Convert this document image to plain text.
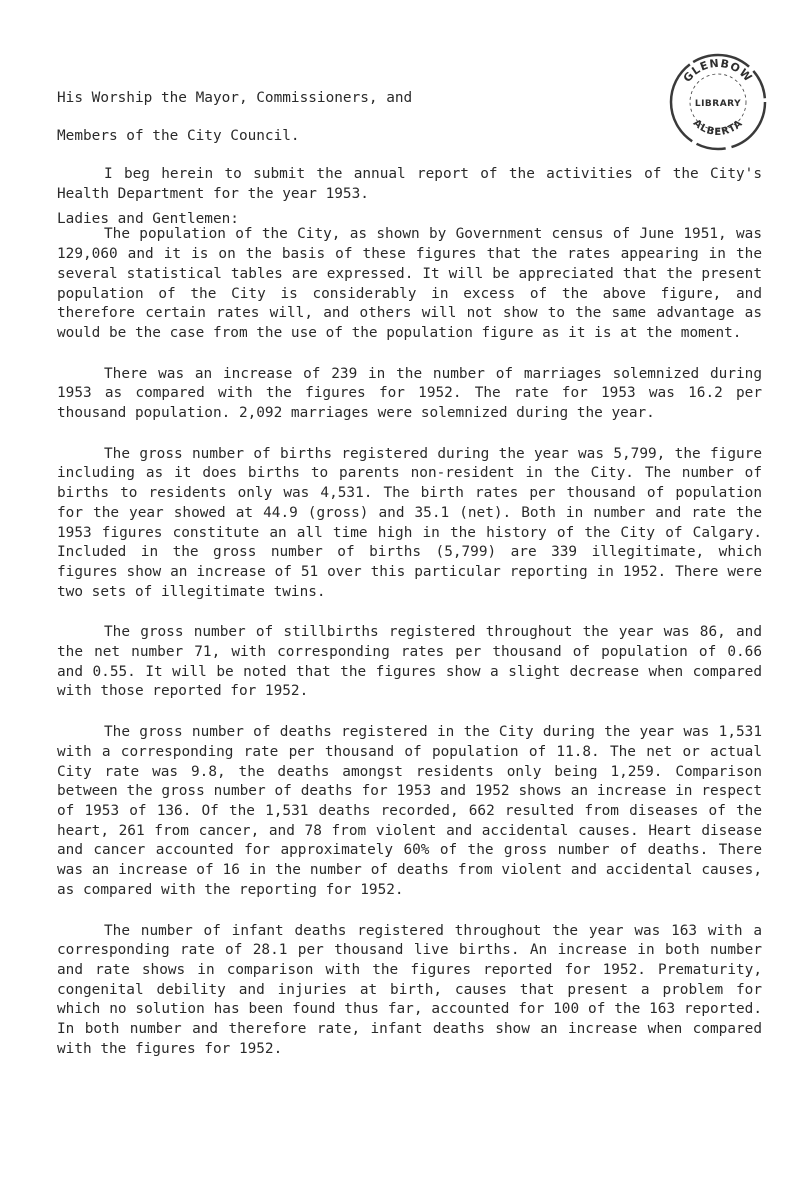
His Worship the Mayor, Commissioners, and

Members of the City Council.

Ladies and Gentlemen:

GLENBOW
LIBRARY
ALBERTA

I beg herein to submit the annual report of the activities of the City's Health Department for the year 1953.

The population of the City, as shown by Government census of June 1951, was 129,060 and it is on the basis of these figures that the rates appearing in the several statistical tables are expressed. It will be appreciated that the present population of the City is considerably in excess of the above figure, and therefore certain rates will, and others will not show to the same advantage as would be the case from the use of the population figure as it is at the moment.

There was an increase of 239 in the number of marriages solemnized during 1953 as compared with the figures for 1952. The rate for 1953 was 16.2 per thousand population. 2,092 marriages were solemnized during the year.

The gross number of births registered during the year was 5,799, the figure including as it does births to parents non-resident in the City. The number of births to residents only was 4,531. The birth rates per thousand of population for the year showed at 44.9 (gross) and 35.1 (net). Both in number and rate the 1953 figures constitute an all time high in the history of the City of Calgary. Included in the gross number of births (5,799) are 339 illegitimate, which figures show an increase of 51 over this particular reporting in 1952. There were two sets of illegitimate twins.

The gross number of stillbirths registered throughout the year was 86, and the net number 71, with corresponding rates per thousand of population of 0.66 and 0.55. It will be noted that the figures show a slight decrease when compared with those reported for 1952.

The gross number of deaths registered in the City during the year was 1,531 with a corresponding rate per thousand of population of 11.8. The net or actual City rate was 9.8, the deaths amongst residents only being 1,259. Comparison between the gross number of deaths for 1953 and 1952 shows an increase in respect of 1953 of 136. Of the 1,531 deaths recorded, 662 resulted from diseases of the heart, 261 from cancer, and 78 from violent and accidental causes. Heart disease and cancer accounted for approximately 60% of the gross number of deaths. There was an increase of 16 in the number of deaths from violent and accidental causes, as compared with the reporting for 1952.

The number of infant deaths registered throughout the year was 163 with a corresponding rate of 28.1 per thousand live births. An increase in both number and rate shows in comparison with the figures reported for 1952. Prematurity, congenital debility and injuries at birth, causes that present a problem for which no solution has been found thus far, accounted for 100 of the 163 reported. In both number and therefore rate, infant deaths show an increase when compared with the figures for 1952.
